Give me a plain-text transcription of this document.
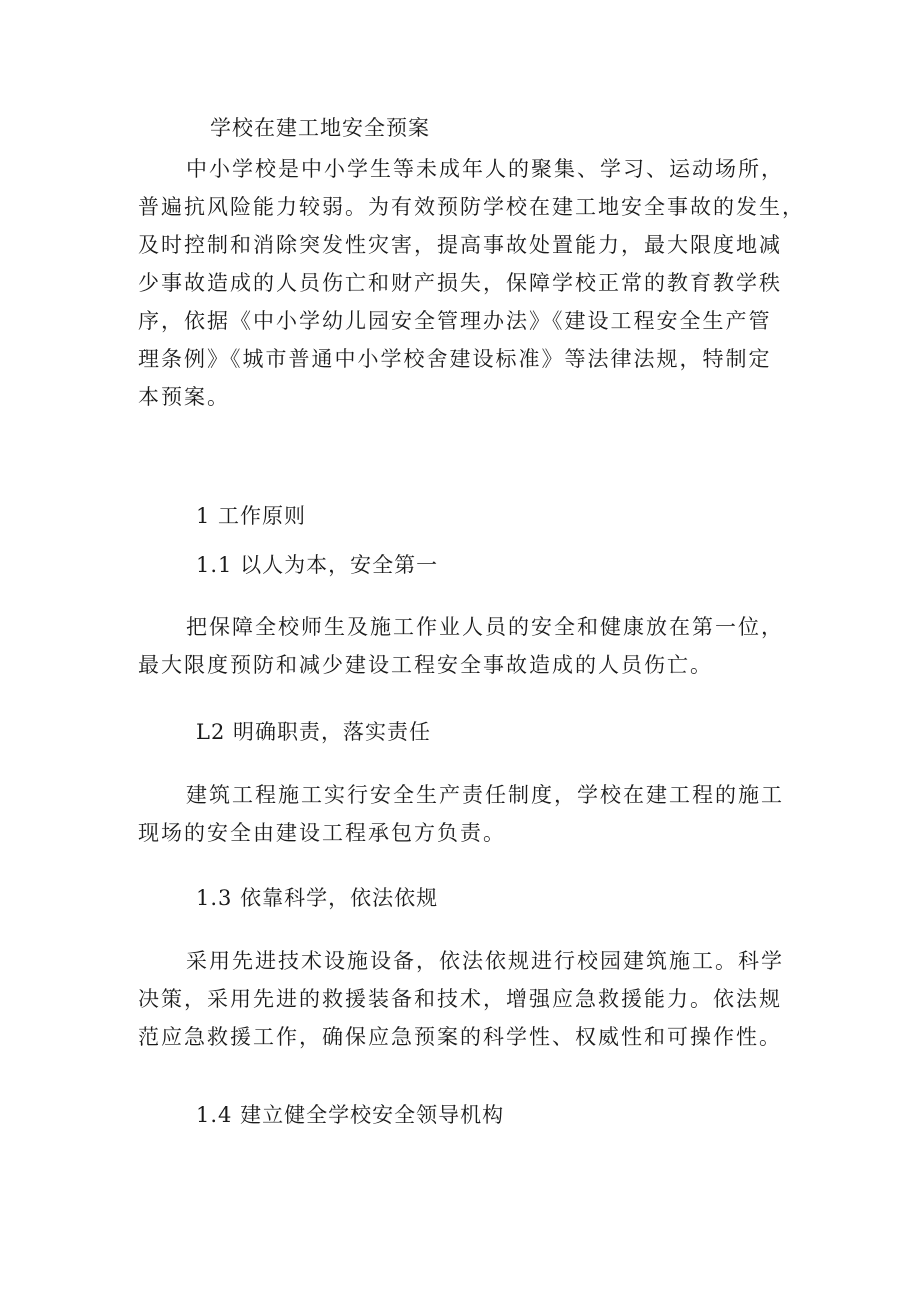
学校在建工地安全预案
中小学校是中小学生等未成年人的聚集、学习、运动场所，
普遍抗风险能力较弱。为有效预防学校在建工地安全事故的发生，
及时控制和消除突发性灾害，提高事故处置能力，最大限度地减
少事故造成的人员伤亡和财产损失，保障学校正常的教育教学秩
序，依据《中小学幼儿园安全管理办法》《建设工程安全生产管
理条例》《城市普通中小学校舍建设标准》等法律法规，特制定
本预案。
1 工作原则
1.1 以人为本，安全第一
把保障全校师生及施工作业人员的安全和健康放在第一位，
最大限度预防和减少建设工程安全事故造成的人员伤亡。
L2 明确职责，落实责任
建筑工程施工实行安全生产责任制度，学校在建工程的施工
现场的安全由建设工程承包方负责。
1.3 依靠科学，依法依规
采用先进技术设施设备，依法依规进行校园建筑施工。科学
决策，采用先进的救援装备和技术，增强应急救援能力。依法规
范应急救援工作，确保应急预案的科学性、权威性和可操作性。
1.4 建立健全学校安全领导机构
